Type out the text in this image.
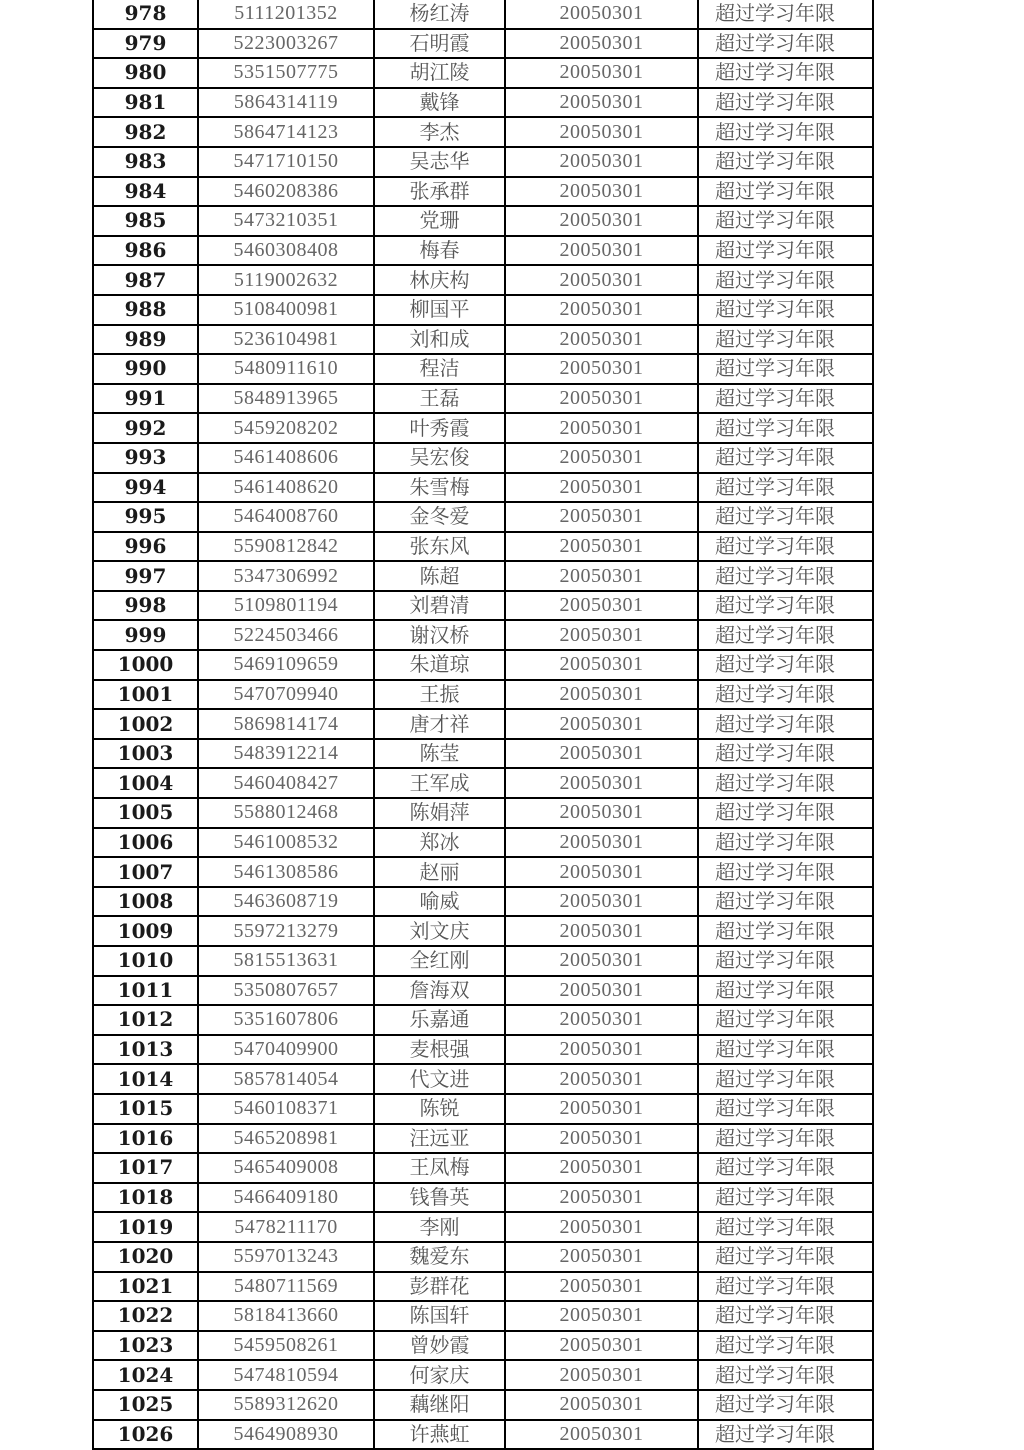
978	5111201352	杨红涛	20050301	超过学习年限
979	5223003267	石明霞	20050301	超过学习年限
980	5351507775	胡江陵	20050301	超过学习年限
981	5864314119	戴锋	20050301	超过学习年限
982	5864714123	李杰	20050301	超过学习年限
983	5471710150	吴志华	20050301	超过学习年限
984	5460208386	张承群	20050301	超过学习年限
985	5473210351	党珊	20050301	超过学习年限
986	5460308408	梅春	20050301	超过学习年限
987	5119002632	林庆构	20050301	超过学习年限
988	5108400981	柳国平	20050301	超过学习年限
989	5236104981	刘和成	20050301	超过学习年限
990	5480911610	程洁	20050301	超过学习年限
991	5848913965	王磊	20050301	超过学习年限
992	5459208202	叶秀霞	20050301	超过学习年限
993	5461408606	吴宏俊	20050301	超过学习年限
994	5461408620	朱雪梅	20050301	超过学习年限
995	5464008760	金冬爱	20050301	超过学习年限
996	5590812842	张东风	20050301	超过学习年限
997	5347306992	陈超	20050301	超过学习年限
998	5109801194	刘碧清	20050301	超过学习年限
999	5224503466	谢汉桥	20050301	超过学习年限
1000	5469109659	朱道琼	20050301	超过学习年限
1001	5470709940	王振	20050301	超过学习年限
1002	5869814174	唐才祥	20050301	超过学习年限
1003	5483912214	陈莹	20050301	超过学习年限
1004	5460408427	王军成	20050301	超过学习年限
1005	5588012468	陈娟萍	20050301	超过学习年限
1006	5461008532	郑冰	20050301	超过学习年限
1007	5461308586	赵丽	20050301	超过学习年限
1008	5463608719	喻威	20050301	超过学习年限
1009	5597213279	刘文庆	20050301	超过学习年限
1010	5815513631	全红刚	20050301	超过学习年限
1011	5350807657	詹海双	20050301	超过学习年限
1012	5351607806	乐嘉通	20050301	超过学习年限
1013	5470409900	麦根强	20050301	超过学习年限
1014	5857814054	代文进	20050301	超过学习年限
1015	5460108371	陈锐	20050301	超过学习年限
1016	5465208981	汪远亚	20050301	超过学习年限
1017	5465409008	王凤梅	20050301	超过学习年限
1018	5466409180	钱鲁英	20050301	超过学习年限
1019	5478211170	李刚	20050301	超过学习年限
1020	5597013243	魏爱东	20050301	超过学习年限
1021	5480711569	彭群花	20050301	超过学习年限
1022	5818413660	陈国轩	20050301	超过学习年限
1023	5459508261	曾妙霞	20050301	超过学习年限
1024	5474810594	何家庆	20050301	超过学习年限
1025	5589312620	藕继阳	20050301	超过学习年限
1026	5464908930	许燕虹	20050301	超过学习年限
